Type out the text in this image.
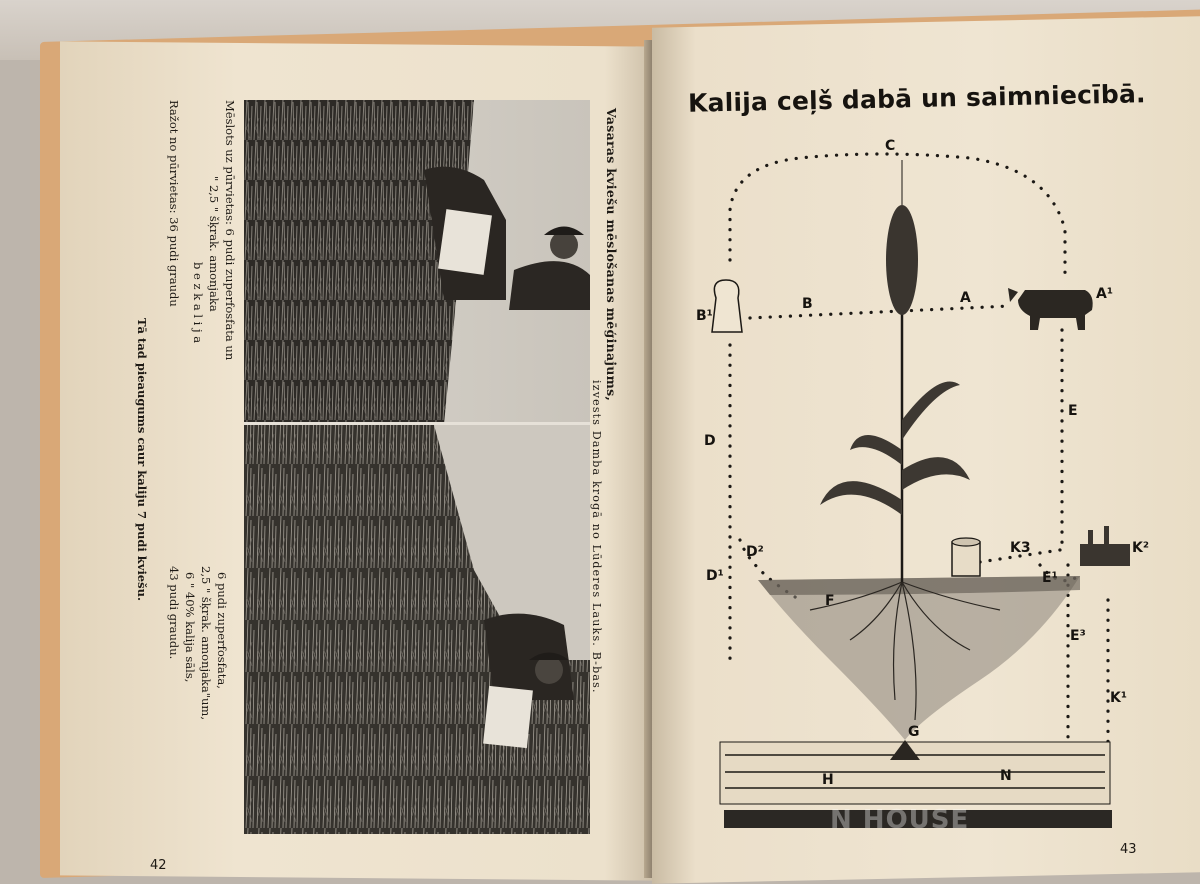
Vasaras kviešu mēslošanas mēģinajums,
izvests Damba krogā no Lūderes Lauks. B-bas.
Mēslots uz pūrvietas: 6 pudi zuperfosfata un
" 2,5 " šķrak. amonjaka
b e z k a l i j a
Ražot no pūrvietas: 36 pudi graudu
6 pudi zuperfosfata,
2,5 " šķrak. amonjaka"um,
6 " 40% kalija sāls,
43 pudi graudu.
Tā tad pieaugums caur kaliju 7 pudi kviešu.
42
Kalija ceļš dabā un saimniecībā.
C
A	A¹
B
B¹
D
D¹
D²
E
E¹
E³
K¹
K²
K3
F
G
H	N
N HOUSE
43
